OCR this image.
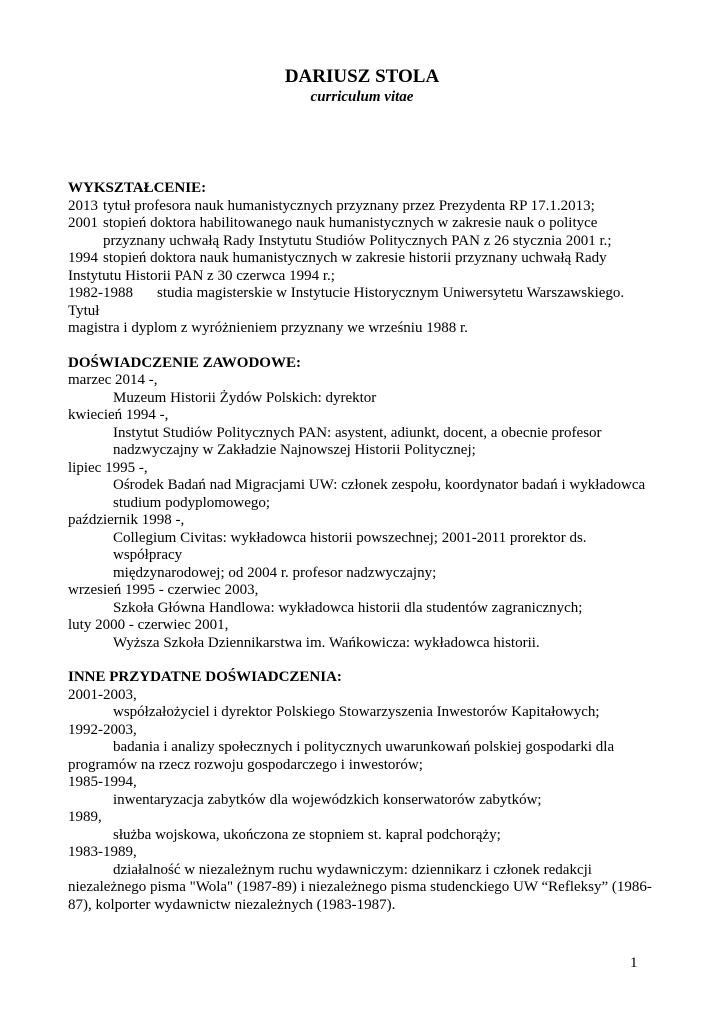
DARIUSZ STOLA
curriculum vitae
WYKSZTAŁCENIE:
2013 tytuł profesora nauk humanistycznych przyznany przez Prezydenta RP 17.1.2013;
2001 stopień doktora habilitowanego nauk humanistycznych w zakresie nauk o polityce
przyznany uchwałą Rady Instytutu Studiów Politycznych PAN z 26 stycznia 2001 r.;
1994 stopień doktora nauk humanistycznych w zakresie historii przyznany uchwałą Rady
Instytutu Historii PAN z 30 czerwca 1994 r.;
1982-1988 studia magisterskie w Instytucie Historycznym Uniwersytetu Warszawskiego. Tytuł
magistra i dyplom z wyróżnieniem przyznany we wrześniu 1988 r.
DOŚWIADCZENIE ZAWODOWE:
marzec 2014 -,
Muzeum Historii Żydów Polskich: dyrektor
kwiecień 1994 -,
Instytut Studiów Politycznych PAN: asystent, adiunkt, docent, a obecnie profesor
nadzwyczajny w Zakładzie Najnowszej Historii Politycznej;
lipiec 1995 -,
Ośrodek Badań nad Migracjami UW: członek zespołu, koordynator badań i wykładowca
studium podyplomowego;
październik 1998 -,
Collegium Civitas: wykładowca historii powszechnej; 2001-2011 prorektor ds. współpracy
międzynarodowej; od 2004 r. profesor nadzwyczajny;
wrzesień 1995 - czerwiec 2003,
Szkoła Główna Handlowa: wykładowca historii dla studentów zagranicznych;
luty 2000 - czerwiec 2001,
Wyższa Szkoła Dziennikarstwa im. Wańkowicza: wykładowca historii.
INNE PRZYDATNE DOŚWIADCZENIA:
2001-2003,
współzałożyciel i dyrektor Polskiego Stowarzyszenia Inwestorów Kapitałowych;
1992-2003,
badania i analizy społecznych i politycznych uwarunkowań polskiej gospodarki dla
programów na rzecz rozwoju gospodarczego i inwestorów;
1985-1994,
inwentaryzacja zabytków dla wojewódzkich konserwatorów zabytków;
1989,
służba wojskowa, ukończona ze stopniem st. kapral podchorąży;
1983-1989,
działalność w niezależnym ruchu wydawniczym: dziennikarz i członek redakcji
niezależnego pisma "Wola" (1987-89) i niezależnego pisma studenckiego UW “Refleksy” (1986-
87), kolporter wydawnictw niezależnych (1983-1987).
1
